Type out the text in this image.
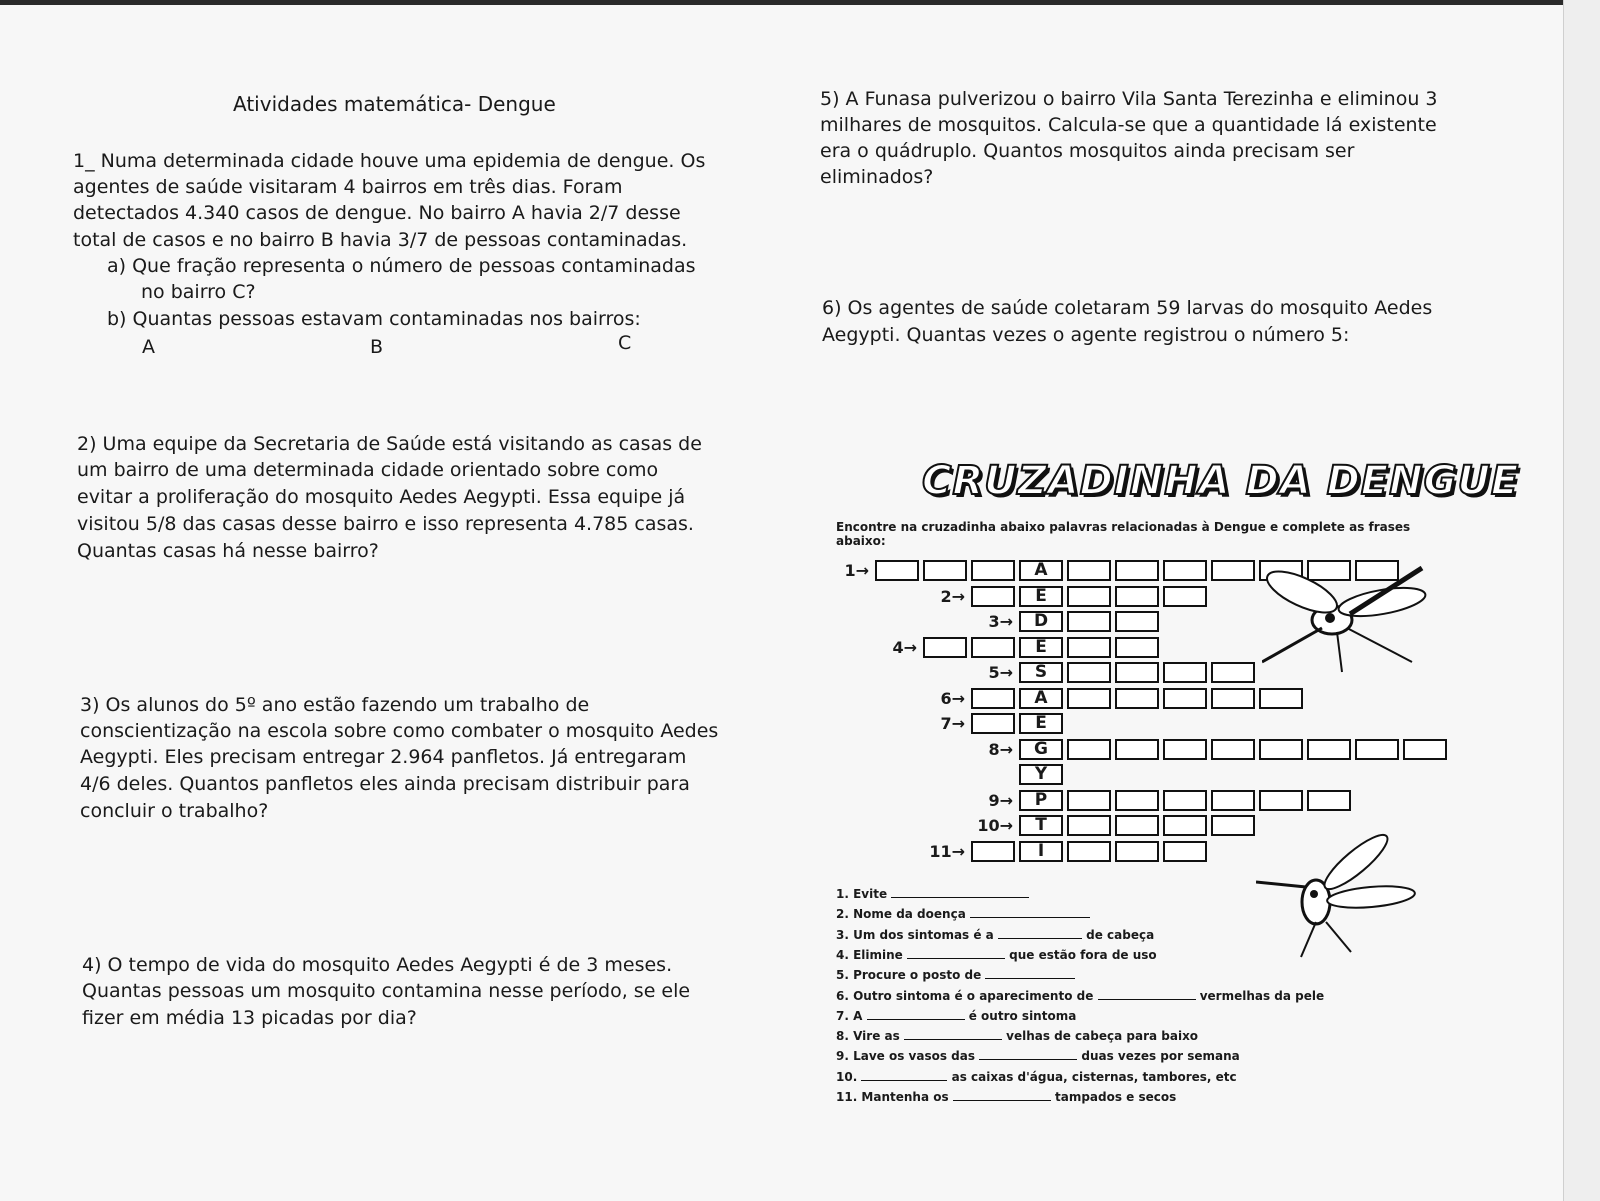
Atividades matemática- Dengue

1_ Numa determinada cidade houve uma epidemia de dengue. Os

agentes de saúde visitaram 4 bairros em três dias. Foram

detectados 4.340 casos de dengue. No bairro A havia 2/7 desse

total de casos e no bairro B havia 3/7 de pessoas contaminadas.

a) Que fração representa o número de pessoas contaminadas
no bairro C?
b) Quantas pessoas estavam contaminadas nos bairros:
A	B	C

2) Uma equipe da Secretaria de Saúde está visitando as casas de

um bairro de uma determinada cidade orientado sobre como

evitar a proliferação do mosquito Aedes Aegypti. Essa equipe já

visitou 5/8 das casas desse bairro e isso representa 4.785 casas.

Quantas casas há nesse bairro?

3) Os alunos do 5º ano estão fazendo um trabalho de

conscientização na escola sobre como combater o mosquito Aedes

Aegypti. Eles precisam entregar 2.964 panfletos. Já entregaram

4/6 deles. Quantos panfletos eles ainda precisam distribuir para

concluir o trabalho?

4) O tempo de vida do mosquito Aedes Aegypti é de 3 meses.

Quantas pessoas um mosquito contamina nesse período, se ele

fizer em média 13 picadas por dia?

5) A Funasa pulverizou o bairro Vila Santa Terezinha e eliminou 3

milhares de mosquitos. Calcula-se que a quantidade lá existente

era o quádruplo. Quantos mosquitos ainda precisam ser

eliminados?

6) Os agentes de saúde coletaram 59 larvas do mosquito Aedes

Aegypti. Quantas vezes o agente registrou o número 5:

CRUZADINHA DA DENGUE
Encontre na cruzadinha abaixo palavras relacionadas à Dengue e complete as frases abaixo:
A
1→
E
2→
D
3→
E
4→
S
5→
A
6→
E
7→
G
8→
Y
P
9→
T
10→
I
11→
1. Evite
2. Nome da doença
3. Um dos sintomas é a	de cabeça
4. Elimine	que estão fora de uso
5. Procure o posto de
6. Outro sintoma é o aparecimento de	vermelhas da pele
7. A	é outro sintoma
8. Vire as	velhas de cabeça para baixo
9. Lave os vasos das	duas vezes por semana
10.	as caixas d'água, cisternas, tambores, etc
11. Mantenha os	tampados e secos
